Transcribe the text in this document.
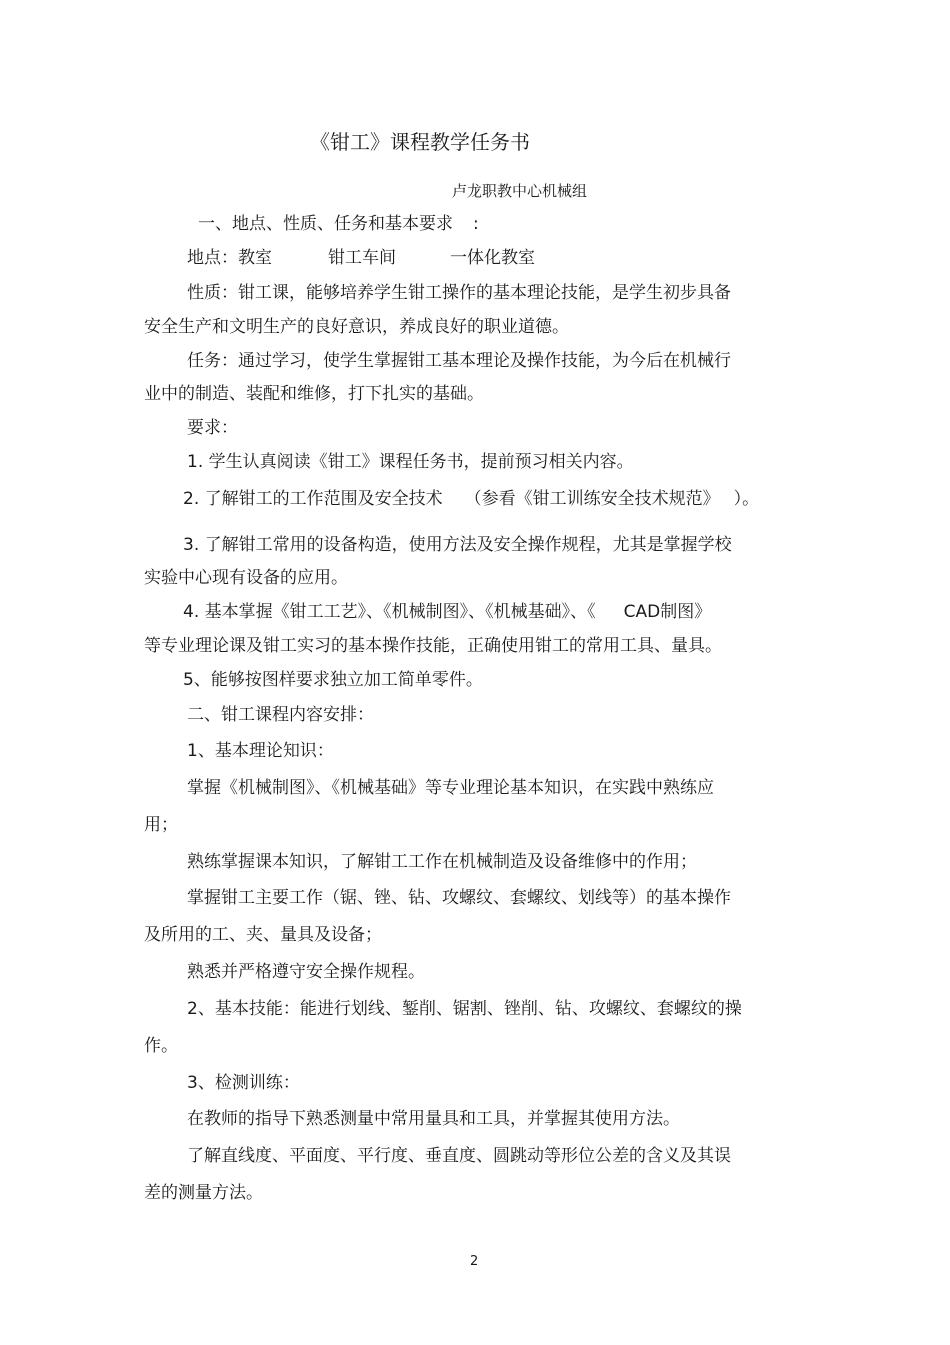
《钳工》课程教学任务书
卢龙职教中心机械组
一、地点、性质、任务和基本要求 :
地点：教室	钳工车间	一体化教室
性质：钳工课，能够培养学生钳工操作的基本理论技能，是学生初步具备
安全生产和文明生产的良好意识，养成良好的职业道德。
任务：通过学习，使学生掌握钳工基本理论及操作技能，为今后在机械行
业中的制造、装配和维修，打下扎实的基础。
要求：
1. 学生认真阅读《钳工》课程任务书，提前预习相关内容。
2. 了解钳工的工作范围及安全技术 （参看《钳工训练安全技术规范》 ）。
3. 了解钳工常用的设备构造，使用方法及安全操作规程，尤其是掌握学校
实验中心现有设备的应用。
4. 基本掌握《钳工工艺》、《机械制图》、《机械基础》、《 CAD制图》
等专业理论课及钳工实习的基本操作技能，正确使用钳工的常用工具、量具。
5、能够按图样要求独立加工简单零件。
二、钳工课程内容安排：
1、基本理论知识：
掌握《机械制图》、《机械基础》等专业理论基本知识，在实践中熟练应
用；
熟练掌握课本知识，了解钳工工作在机械制造及设备维修中的作用；
掌握钳工主要工作（锯、锉、钻、攻螺纹、套螺纹、划线等）的基本操作
及所用的工、夹、量具及设备；
熟悉并严格遵守安全操作规程。
2、基本技能：能进行划线、錾削、锯割、锉削、钻、攻螺纹、套螺纹的操
作。
3、检测训练：
在教师的指导下熟悉测量中常用量具和工具，并掌握其使用方法。
了解直线度、平面度、平行度、垂直度、圆跳动等形位公差的含义及其误
差的测量方法。
2
